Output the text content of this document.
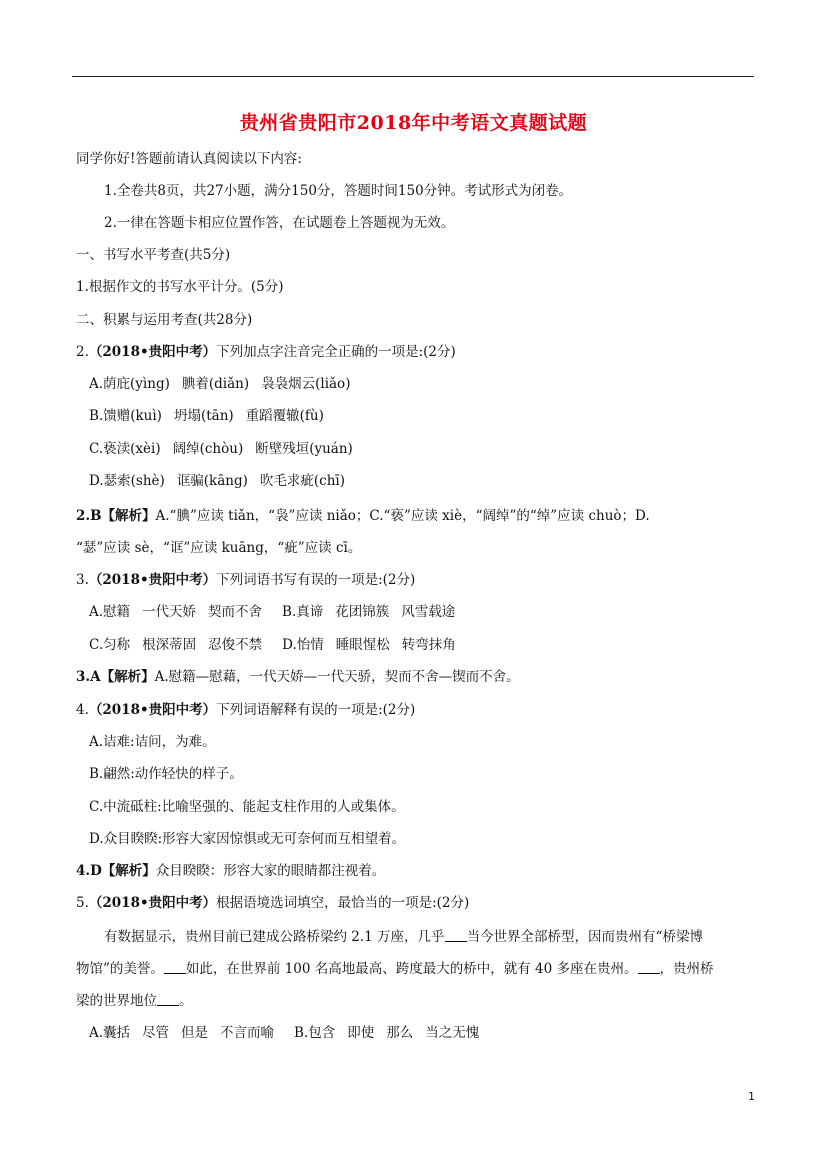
贵州省贵阳市2018年中考语文真题试题
同学你好!答题前请认真阅读以下内容:
1.全卷共8页，共27小题，满分150分，答题时间150分钟。考试形式为闭卷。
2.一律在答题卡相应位置作答，在试题卷上答题视为无效。
一、书写水平考查(共5分)
1.根据作文的书写水平计分。(5分)
二、积累与运用考查(共28分)
2.（2018•贵阳中考）下列加点字注音完全正确的一项是:(2分)
A.荫庇(yìng) 腆着(diǎn) 袅袅烟云(liǎo)
B.馈赠(kuì) 坍塌(tān) 重蹈覆辙(fù)
C.亵渎(xèi) 阔绰(chòu) 断壁残垣(yuán)
D.瑟索(shè) 诓骗(kāng) 吹毛求疵(chī)
2.B【解析】A.“腆”应读 tiǎn，“袅”应读 niǎo；C.“亵”应读 xiè，“阔绰”的“绰”应读 chuò；D.
“瑟”应读 sè，“诓”应读 kuāng，“疵”应读 cī。
3.（2018•贵阳中考）下列词语书写有误的一项是:(2分)
A.慰籍 一代天娇 契而不舍 B.真谛 花团锦簇 风雪载途
C.匀称 根深蒂固 忍俊不禁 D.怡情 睡眼惺松 转弯抹角
3.A【解析】A.慰籍—慰藉，一代天娇—一代天骄，契而不舍—锲而不舍。
4.（2018•贵阳中考）下列词语解释有误的一项是:(2分)
A.诘难:诘问，为难。
B.翩然:动作轻快的样子。
C.中流砥柱:比喻坚强的、能起支柱作用的人或集体。
D.众目睽睽:形容大家因惊惧或无可奈何而互相望着。
4.D【解析】众目睽睽：形容大家的眼睛都注视着。
5.（2018•贵阳中考）根据语境选词填空，最恰当的一项是:(2分)
有数据显示，贵州目前已建成公路桥梁约 2.1 万座，几乎 当今世界全部桥型，因而贵州有“桥梁博
物馆”的美誉。 如此，在世界前 100 名高地最高、跨度最大的桥中，就有 40 多座在贵州。 ，贵州桥
梁的世界地位 。
A.囊括 尽管 但是 不言而喻 B.包含 即使 那么 当之无愧
1
